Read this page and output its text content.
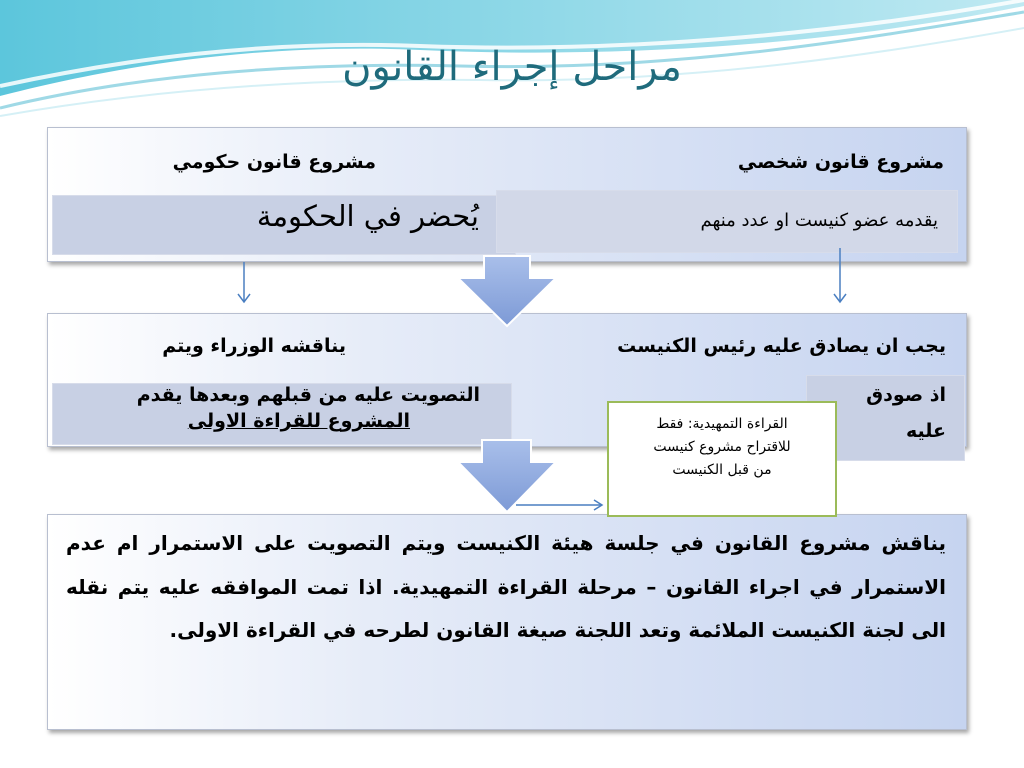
مراحل إجراء القانون
مشروع قانون شخصي
مشروع قانون حكومي
يُحضر في الحكومة	يقدمه عضو كنيست او عدد منهم
يجب ان يصادق عليه رئيس الكنيست
يناقشه الوزراء ويتم
التصويت عليه من قبلهم وبعدها يقدم
المشروع للقراءة الاولى
اذ صودق
عليه
يناقش مشروع القانون في جلسة هيئة الكنيست ويتم التصويت على الاستمرار ام عدم الاستمرار في اجراء القانون – مرحلة القراءة التمهيدية. اذا تمت الموافقه عليه يتم نقله الى لجنة الكنيست الملائمة وتعد اللجنة صيغة القانون لطرحه في القراءة الاولى.
القراءة التمهيدية: فقط
للاقتراح مشروع كنيست
من قبل الكنيست
